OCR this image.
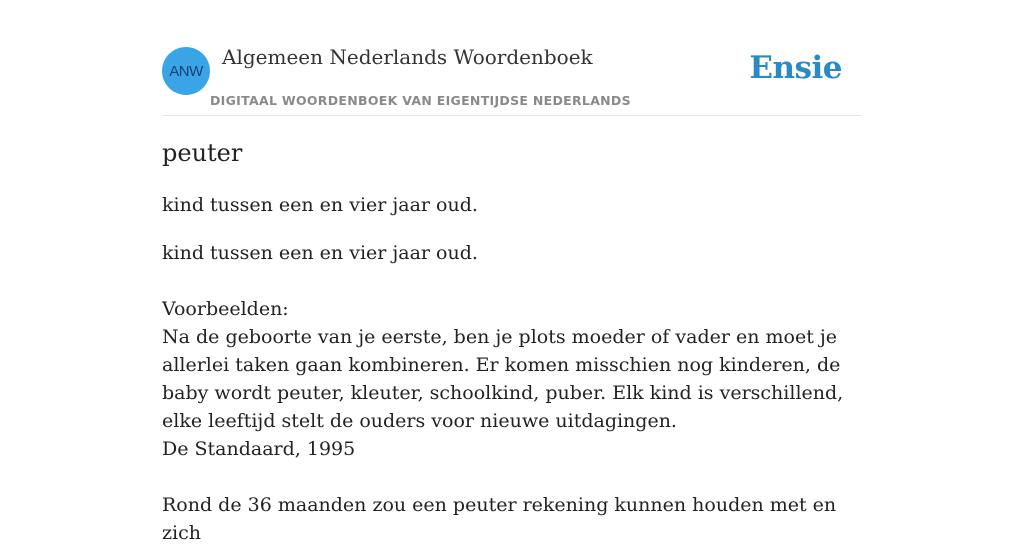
ANW
Algemeen Nederlands Woordenboek
DIGITAAL WOORDENBOEK VAN EIGENTIJDSE NEDERLANDS
Ensie
peuter
kind tussen een en vier jaar oud.

kind tussen een en vier jaar oud.

Voorbeelden:

Na de geboorte van je eerste, ben je plots moeder of vader en moet je allerlei taken gaan kombineren. Er komen misschien nog kinderen, de baby wordt peuter, kleuter, schoolkind, puber. Elk kind is verschillend, elke leeftijd stelt de ouders voor nieuwe uitdagingen.

De Standaard, 1995

Rond de 36 maanden zou een peuter rekening kunnen houden met en zich
